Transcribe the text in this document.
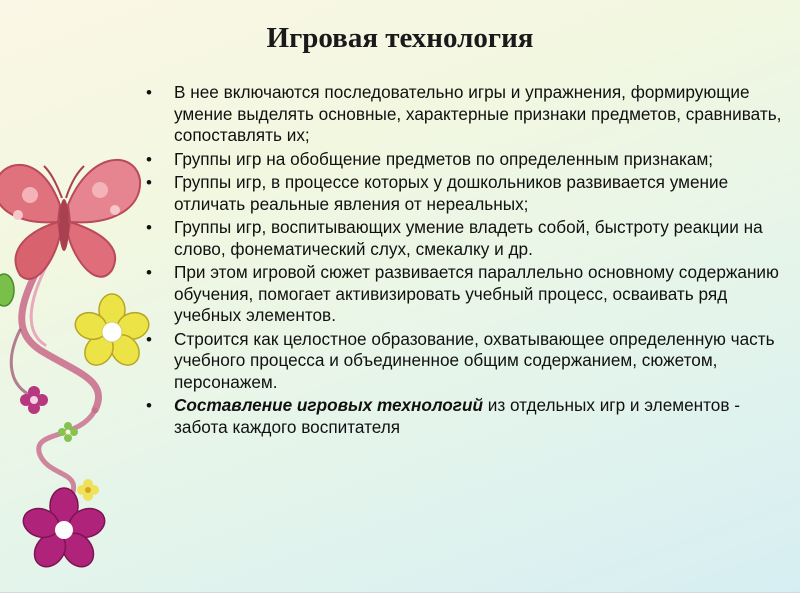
Игровая технология
• В нее включаются последовательно игры и упражнения, формирующие умение выделять основные, характерные признаки предметов, сравнивать, сопоставлять их;
• Группы игр на обобщение предметов по определенным признакам;
• Группы игр, в процессе которых у дошкольников развивается умение отличать реальные явления от нереальных;
• Группы игр, воспитывающих умение владеть собой, быстроту реакции на слово, фонематический слух, смекалку и др.
• При этом игровой сюжет развивается параллельно основному содержанию обучения, помогает активизировать учебный процесс, осваивать ряд учебных элементов.
• Строится как целостное образование, охватывающее определенную часть учебного процесса и объединенное общим содержанием, сюжетом, персонажем.
• Составление игровых технологий из отдельных игр и элементов - забота каждого воспитателя
